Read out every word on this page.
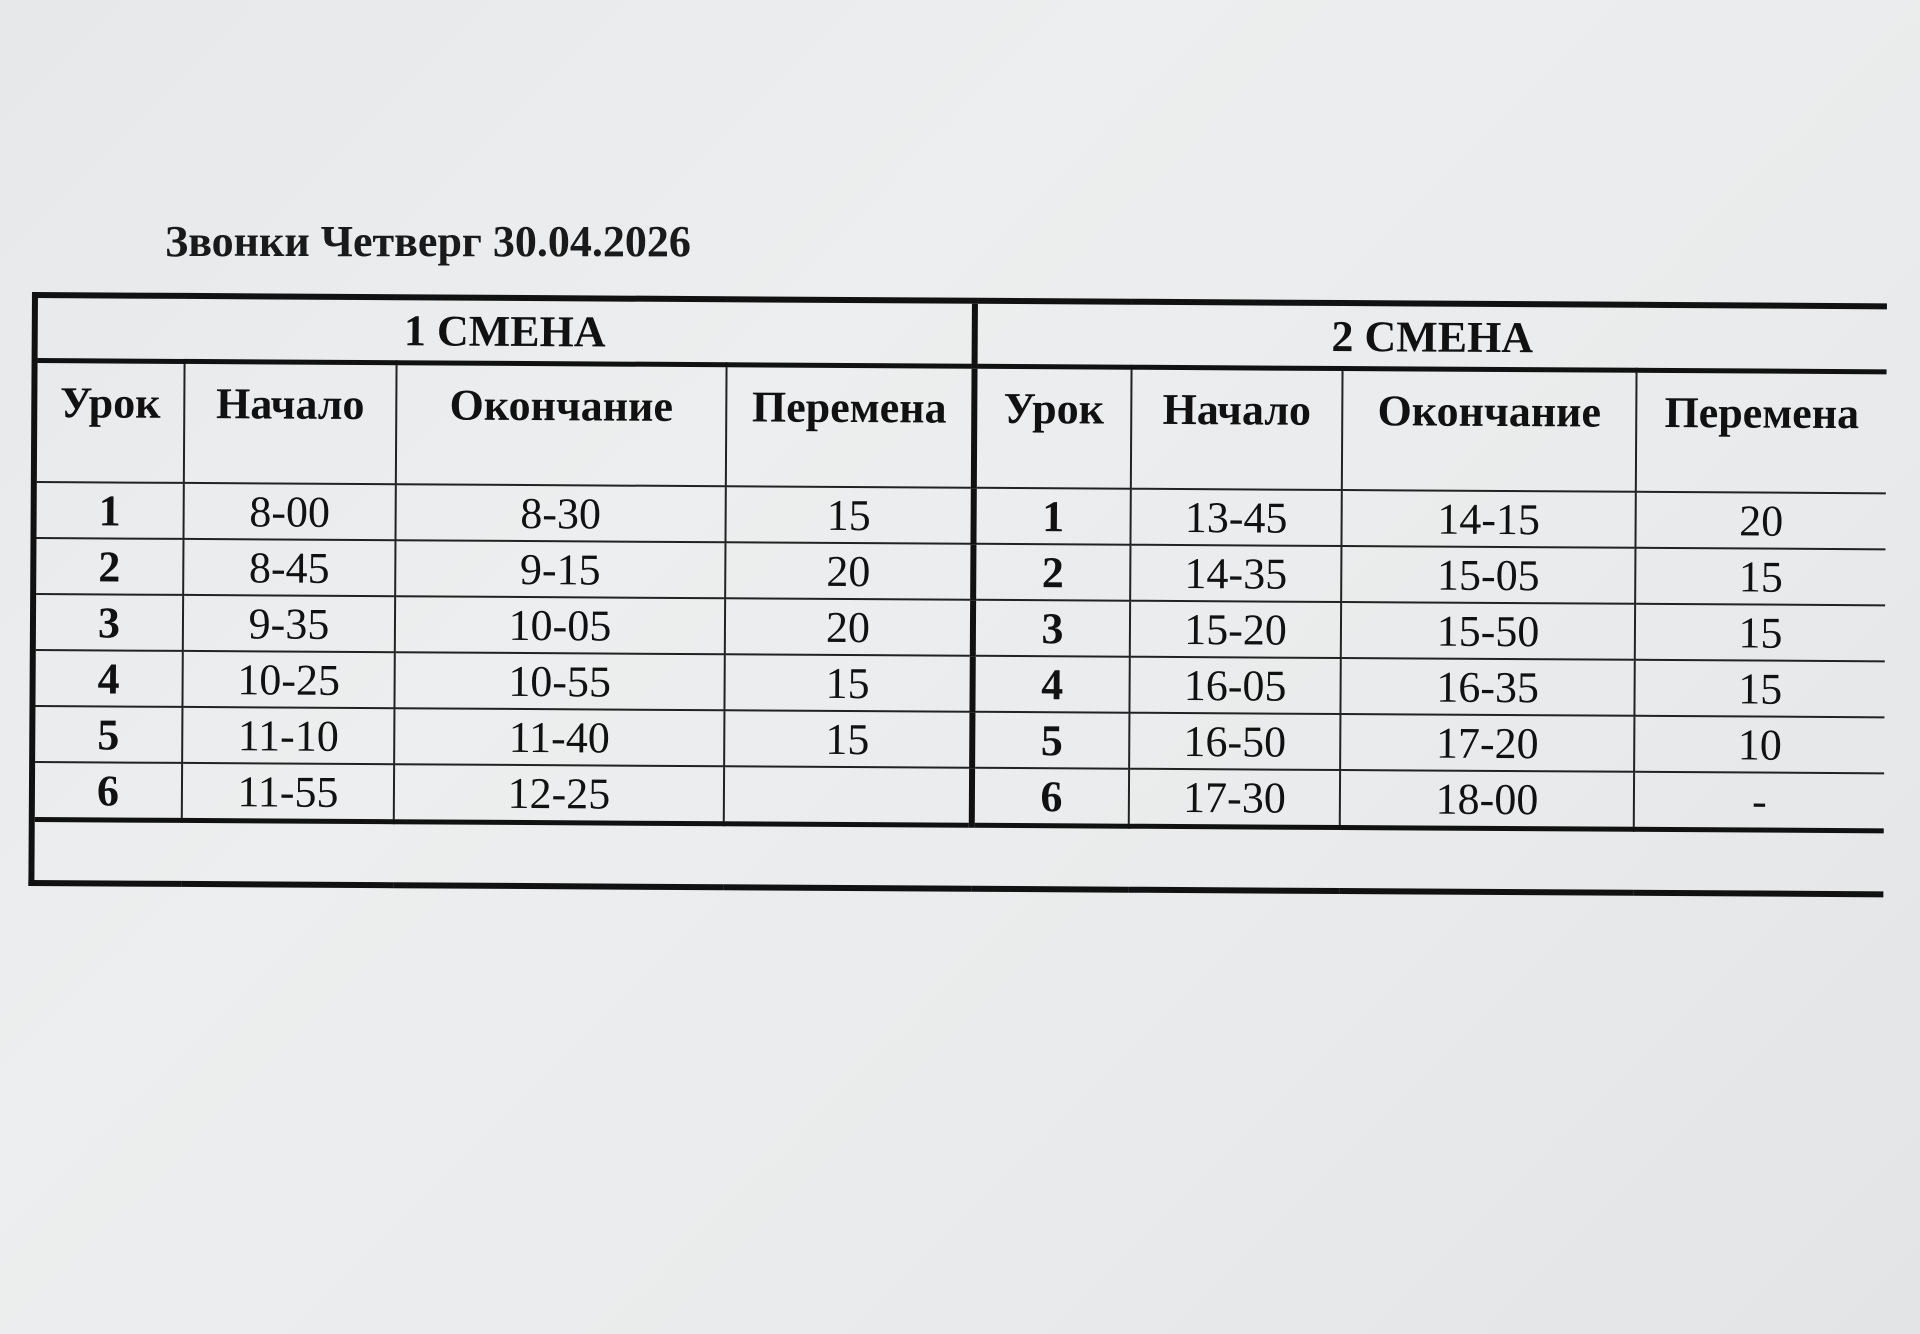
Звонки Четверг 30.04.2026
1 СМЕНА				2 СМЕНА			
Урок	Начало	Окончание	Перемена	Урок	Начало	Окончание	Перемена
1	8-00	8-30	15	1	13-45	14-15	20
2	8-45	9-15	20	2	14-35	15-05	15
3	9-35	10-05	20	3	15-20	15-50	15
4	10-25	10-55	15	4	16-05	16-35	15
5	11-10	11-40	15	5	16-50	17-20	10
6	11-55	12-25		6	17-30	18-00	-
